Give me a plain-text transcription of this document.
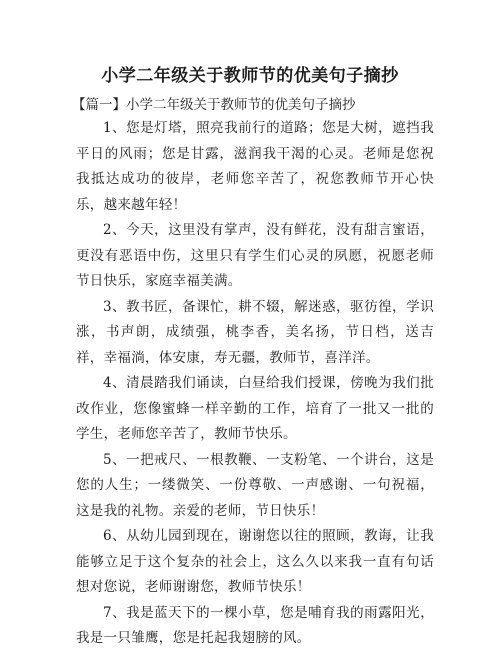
小学二年级关于教师节的优美句子摘抄
【篇一】小学二年级关于教师节的优美句子摘抄

1、您是灯塔，照亮我前行的道路；您是大树，遮挡我平日的风雨；您是甘露，滋润我干渴的心灵。老师是您祝我抵达成功的彼岸，老师您辛苦了，祝您教师节开心快乐，越来越年轻！

2、今天，这里没有掌声，没有鲜花，没有甜言蜜语，更没有恶语中伤，这里只有学生们心灵的夙愿，祝愿老师节日快乐，家庭幸福美满。

3、教书匠，备课忙，耕不辍，解迷惑，驱彷徨，学识涨，书声朗，成绩强，桃李香，美名扬，节日档，送吉祥，幸福淌，体安康，寿无疆，教师节，喜洋洋。

4、清晨踏我们诵读，白昼给我们授课，傍晚为我们批改作业，您像蜜蜂一样辛勤的工作，培育了一批又一批的学生，老师您辛苦了，教师节快乐。

5、一把戒尺、一根教鞭、一支粉笔、一个讲台，这是您的人生；一缕微笑、一份尊敬、一声感谢、一句祝福，这是我的礼物。亲爱的老师，节日快乐！

6、从幼儿园到现在，谢谢您以往的照顾，教诲，让我能够立足于这个复杂的社会上，这么久以来我一直有句话想对您说，老师谢谢您，教师节快乐！

7、我是蓝天下的一棵小草，您是哺育我的雨露阳光，我是一只雏鹰，您是托起我翅膀的风。
